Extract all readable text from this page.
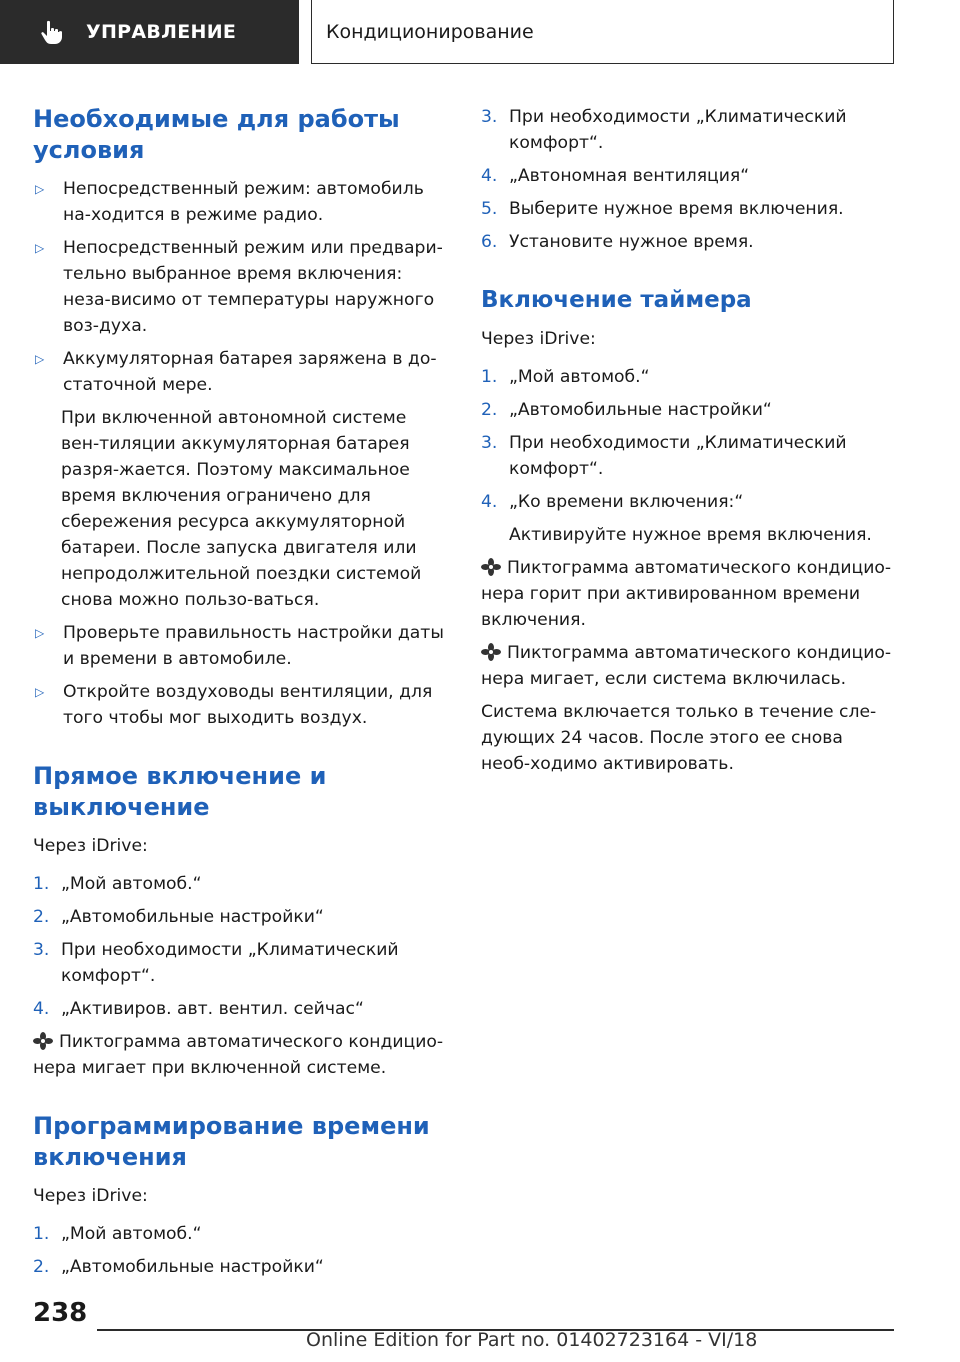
УПРАВЛЕНИЕ	Кондиционирование
Необходимые для работы условия
▷	Непосредственный режим: автомобиль на-ходится в режиме радио.

▷	Непосредственный режим или предвари-тельно выбранное время включения: неза-висимо от температуры наружного воз-духа.

▷	Аккумуляторная батарея заряжена в до-статочной мере.

При включенной автономной системе вен-тиляции аккумуляторная батарея разря-жается. Поэтому максимальное время включения ограничено для сбережения ресурса аккумуляторной батареи. После запуска двигателя или непродолжительной поездки системой снова можно пользо-ваться.

▷	Проверьте правильность настройки даты и времени в автомобиле.

▷	Откройте воздуховоды вентиляции, для того чтобы мог выходить воздух.

Прямое включение и выключение

Через iDrive:

1. „Мой автомоб.“

2. „Автомобильные настройки“

3. При необходимости „Климатический комфорт“.

4. „Активиров. авт. вентил. сейчас“

Пиктограмма автоматического кондицио-нера мигает при включенной системе.

Программирование времени включения

Через iDrive:

1. „Мой автомоб.“

2. „Автомобильные настройки“

3. При необходимости „Климатический комфорт“.

4. „Автономная вентиляция“

5. Выберите нужное время включения.

6. Установите нужное время.

Включение таймера

Через iDrive:

1. „Мой автомоб.“

2. „Автомобильные настройки“

3. При необходимости „Климатический комфорт“.

4. „Ко времени включения:“

Активируйте нужное время включения.

Пиктограмма автоматического кондицио-нера горит при активированном времени включения.

Пиктограмма автоматического кондицио-нера мигает, если система включилась.

Система включается только в течение сле-дующих 24 часов. После этого ее снова необ-ходимо активировать.

238
Online Edition for Part no. 01402723164 - VI/18
